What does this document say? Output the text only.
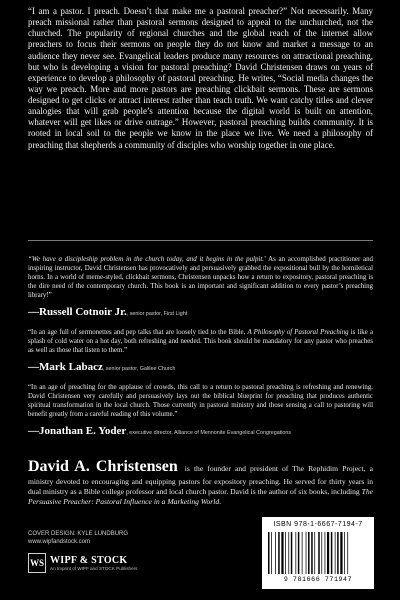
“I am a pastor. I preach. Doesn’t that make me a pastoral preacher?” Not necessarily. Many preach missional rather than pastoral sermons designed to appeal to the unchurched, not the churched. The popularity of regional churches and the global reach of the internet allow preachers to focus their sermons on people they do not know and market a message to an audience they never see. Evangelical leaders produce many resources on attractional preaching, but who is developing a vision for pastoral preaching? David Christensen draws on years of experience to develop a philosophy of pastoral preaching. He writes, “Social media changes the way we preach. More and more pastors are preaching clickbait sermons. These are sermons designed to get clicks or attract interest rather than teach truth. We want catchy titles and clever analogies that will grab people’s attention because the digital world is built on attention, whatever will get likes or drive outrage.” However, pastoral preaching builds community. It is rooted in local soil to the people we know in the place we live. We need a philosophy of preaching that shepherds a community of disciples who worship together in one place.
“We have a discipleship problem in the church today, and it begins in the pulpit.’ As an accomplished practitioner and inspiring instructor, David Christensen has provocatively and persuasively grabbed the expositional bull by the homiletical horns. In a world of meme-styled, clickbait sermons, Christensen unpacks how a return to expository, pastoral preaching is the dire need of the contemporary church. This book is an important and significant addition to every pastor’s preaching library!”
—Russell Cotnoir Jr., senior pastor, First Light
“In an age full of sermonettes and pep talks that are loosely tied to the Bible, A Philosophy of Pastoral Preaching is like a splash of cold water on a hot day, both refreshing and needed. This book should be mandatory for any pastor who preaches as well as those that listen to them.”
—Mark Labacz, senior pastor, Galilee Church
“In an age of preaching for the applause of crowds, this call to a return to pastoral preaching is refreshing and renewing. David Christensen very carefully and persuasively lays out the biblical blueprint for preaching that produces authentic spiritual transformation in the local church. Those currently in pastoral ministry and those sensing a call to pastoring will benefit greatly from a careful reading of this volume.”
—Jonathan E. Yoder, executive director, Alliance of Mennonite Evangelical Congregations
David A. Christensen is the founder and president of The Rephidim Project, a ministry devoted to encouraging and equipping pastors for expository preaching. He served for thirty years in dual ministry as a Bible college professor and local church pastor. David is the author of six books, including The Persuasive Preacher: Pastoral Influence in a Marketing World.
COVER DESIGN: KYLE LUNDBURG
www.wipfandstock.com
WS WIPF & STOCK
An Imprint of WIPF and STOCK Publishers
ISBN 978-1-6667-7194-7
9 781666 771947
